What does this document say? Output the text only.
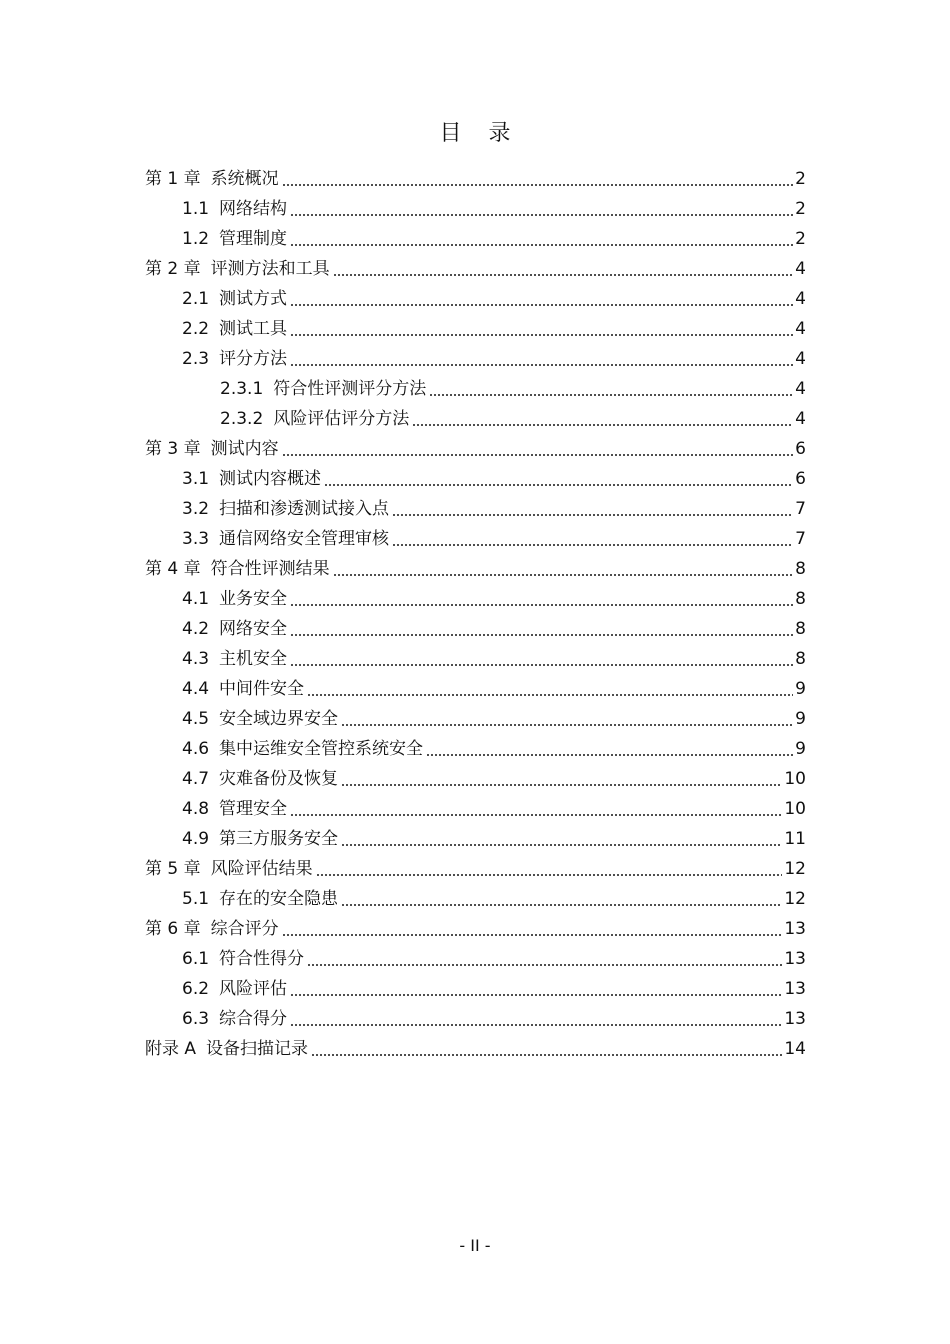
目 录
第 1 章 系统概况	2
1.1 网络结构	2
1.2 管理制度	2
第 2 章 评测方法和工具	4
2.1 测试方式	4
2.2 测试工具	4
2.3 评分方法	4
2.3.1 符合性评测评分方法	4
2.3.2 风险评估评分方法	4
第 3 章 测试内容	6
3.1 测试内容概述	6
3.2 扫描和渗透测试接入点	7
3.3 通信网络安全管理审核	7
第 4 章 符合性评测结果	8
4.1 业务安全	8
4.2 网络安全	8
4.3 主机安全	8
4.4 中间件安全	9
4.5 安全域边界安全	9
4.6 集中运维安全管控系统安全	9
4.7 灾难备份及恢复	10
4.8 管理安全	10
4.9 第三方服务安全	11
第 5 章 风险评估结果	12
5.1 存在的安全隐患	12
第 6 章 综合评分	13
6.1 符合性得分	13
6.2 风险评估	13
6.3 综合得分	13
附录 A 设备扫描记录	14
- II -
